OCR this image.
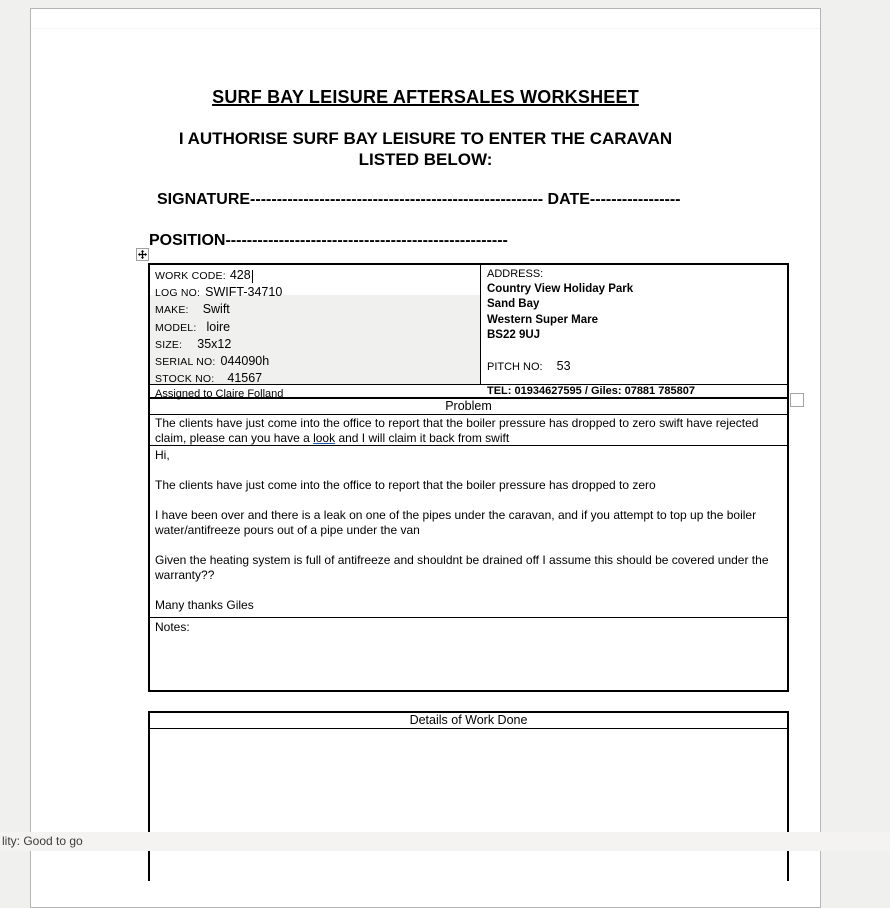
SURF BAY LEISURE AFTERSALES WORKSHEET
I AUTHORISE SURF BAY LEISURE TO ENTER THE CARAVAN
LISTED BELOW:
SIGNATURE------------------------------------------------------- DATE-----------------
POSITION-----------------------------------------------------
WORK CODE: 428
LOG NO: SWIFT-34710
MAKE: Swift
MODEL: loire
SIZE: 35x12
SERIAL NO: 044090h
STOCK NO: 41567
Assigned to Claire Folland
ADDRESS:
Country View Holiday Park
Sand Bay
Western Super Mare
BS22 9UJ
PITCH NO: 53
TEL: 01934627595 / Giles: 07881 785807
Problem
The clients have just come into the office to report that the boiler pressure has dropped to zero swift have rejected claim, please can you have a look and I will claim it back from swift
Hi,
The clients have just come into the office to report that the boiler pressure has dropped to zero
I have been over and there is a leak on one of the pipes under the caravan, and if you attempt to top up the boiler water/antifreeze pours out of a pipe under the van
Given the heating system is full of antifreeze and shouldnt be drained off I assume this should be covered under the warranty??
Many thanks Giles
Notes:
Details of Work Done
lity: Good to go
